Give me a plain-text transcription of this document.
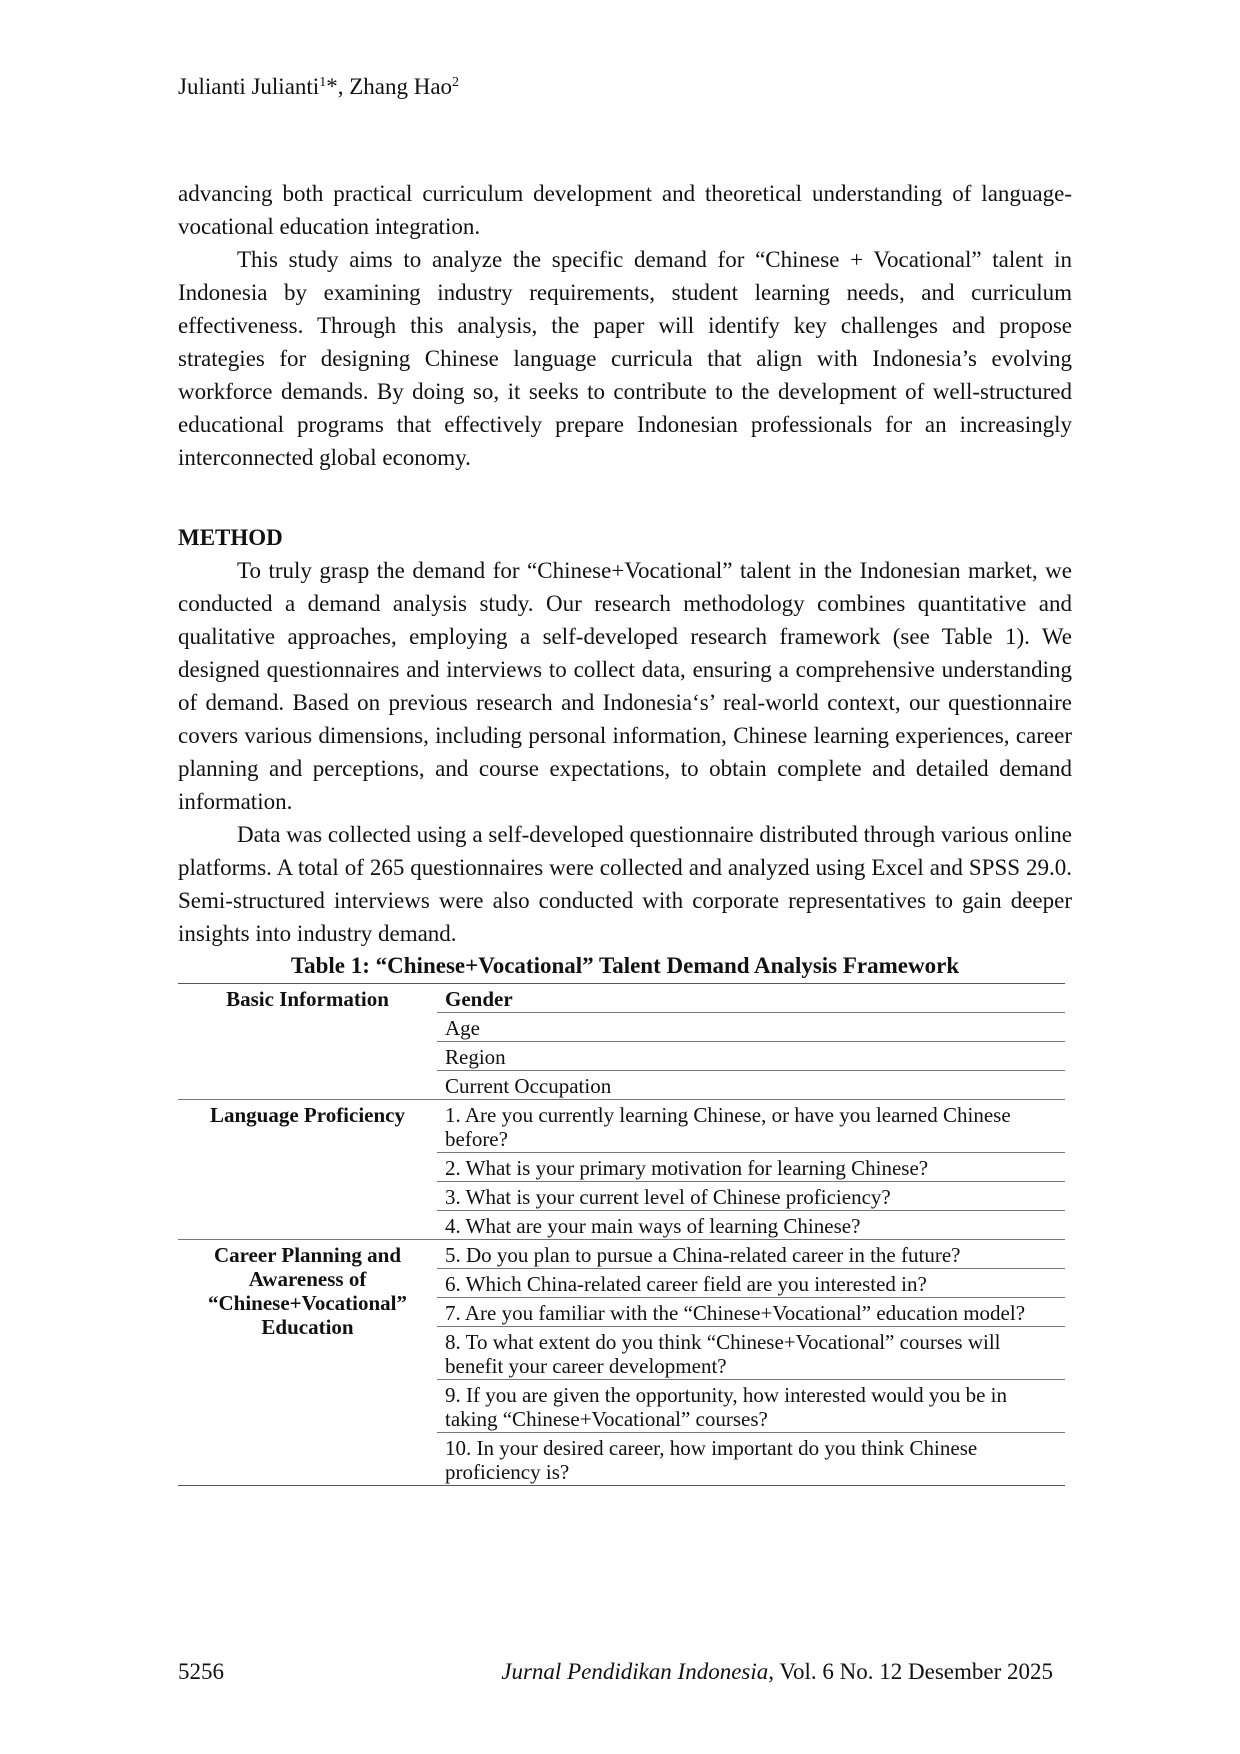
Julianti Julianti$^1$*, Zhang Hao$^2$

advancing both practical curriculum development and theoretical understanding of language-vocational education integration.

This study aims to analyze the specific demand for “Chinese + Vocational” talent in Indonesia by examining industry requirements, student learning needs, and curriculum effectiveness. Through this analysis, the paper will identify key challenges and propose strategies for designing Chinese language curricula that align with Indonesia’s evolving workforce demands. By doing so, it seeks to contribute to the development of well-structured educational programs that effectively prepare Indonesian professionals for an increasingly interconnected global economy.

METHOD

To truly grasp the demand for “Chinese+Vocational” talent in the Indonesian market, we conducted a demand analysis study. Our research methodology combines quantitative and qualitative approaches, employing a self-developed research framework (see Table 1). We designed questionnaires and interviews to collect data, ensuring a comprehensive understanding of demand. Based on previous research and Indonesia‘s’ real-world context, our questionnaire covers various dimensions, including personal information, Chinese learning experiences, career planning and perceptions, and course expectations, to obtain complete and detailed demand information.

Data was collected using a self-developed questionnaire distributed through various online platforms. A total of 265 questionnaires were collected and analyzed using Excel and SPSS 29.0. Semi-structured interviews were also conducted with corporate representatives to gain deeper insights into industry demand.

Table 1: “Chinese+Vocational” Talent Demand Analysis Framework
Basic Information	Gender
	Age
	Region
	Current Occupation
Language Proficiency	1. Are you currently learning Chinese, or have you learned Chinese before?
	2. What is your primary motivation for learning Chinese?
	3. What is your current level of Chinese proficiency?
	4. What are your main ways of learning Chinese?
Career Planning and Awareness of “Chinese+Vocational” Education	5. Do you plan to pursue a China-related career in the future?
	6. Which China-related career field are you interested in?
	7. Are you familiar with the “Chinese+Vocational” education model?
	8. To what extent do you think “Chinese+Vocational” courses will benefit your career development?
	9. If you are given the opportunity, how interested would you be in taking “Chinese+Vocational” courses?
	10. In your desired career, how important do you think Chinese proficiency is?
5256	Jurnal Pendidikan Indonesia, Vol. 6 No. 12 Desember 2025
